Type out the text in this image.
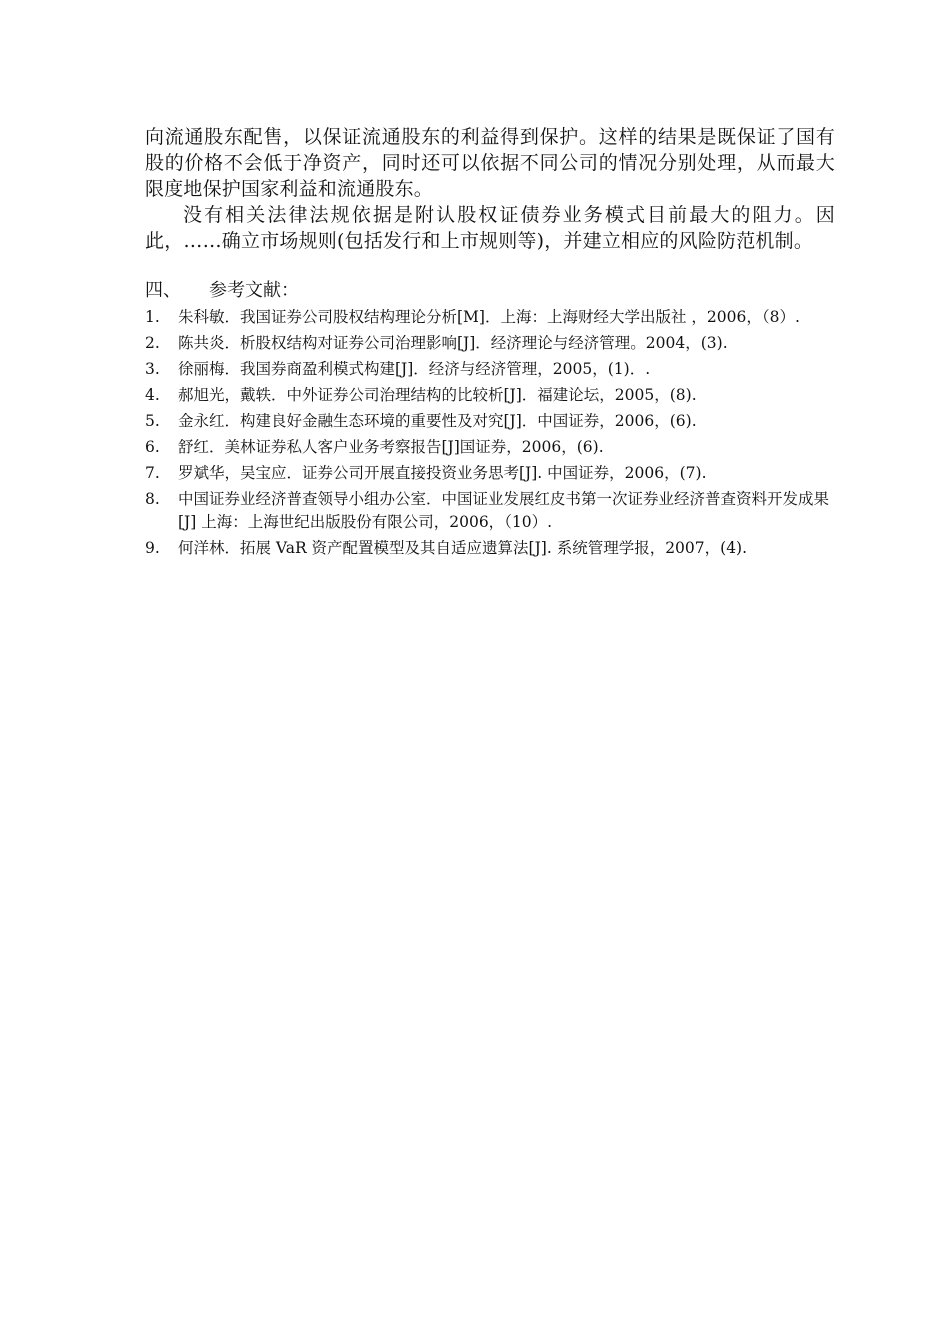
向流通股东配售，以保证流通股东的利益得到保护。这样的结果是既保证了国有股的价格不会低于净资产，同时还可以依据不同公司的情况分别处理，从而最大限度地保护国家利益和流通股东。

没有相关法律法规依据是附认股权证债券业务模式目前最大的阻力。因此，……确立市场规则(包括发行和上市规则等)，并建立相应的风险防范机制。

四、	参考文献：
1.	朱科敏．我国证券公司股权结构理论分析[M]．上海：上海财经大学出版社 ，2006，（8）.
2.	陈共炎．析股权结构对证券公司治理影响[J]．经济理论与经济管理。2004，(3).
3.	徐丽梅．我国券商盈利模式构建[J]．经济与经济管理，2005，(1)．.
4.	郝旭光，戴轶．中外证券公司治理结构的比较析[J]．福建论坛，2005，(8).
5.	金永红．构建良好金融生态环境的重要性及对究[J]．中国证券，2006，(6).
6.	舒红．美林证券私人客户业务考察报告[J]国证券，2006，(6).
7.	罗斌华，吴宝应．证券公司开展直接投资业务思考[J]. 中国证券，2006，(7).
8.	中国证券业经济普查领导小组办公室．中国证业发展红皮书第一次证券业经济普查资料开发成果[J] 上海：上海世纪出版股份有限公司，2006，（10）.
9.	何洋林．拓展 VaR 资产配置模型及其自适应遗算法[J]. 系统管理学报，2007，(4).
